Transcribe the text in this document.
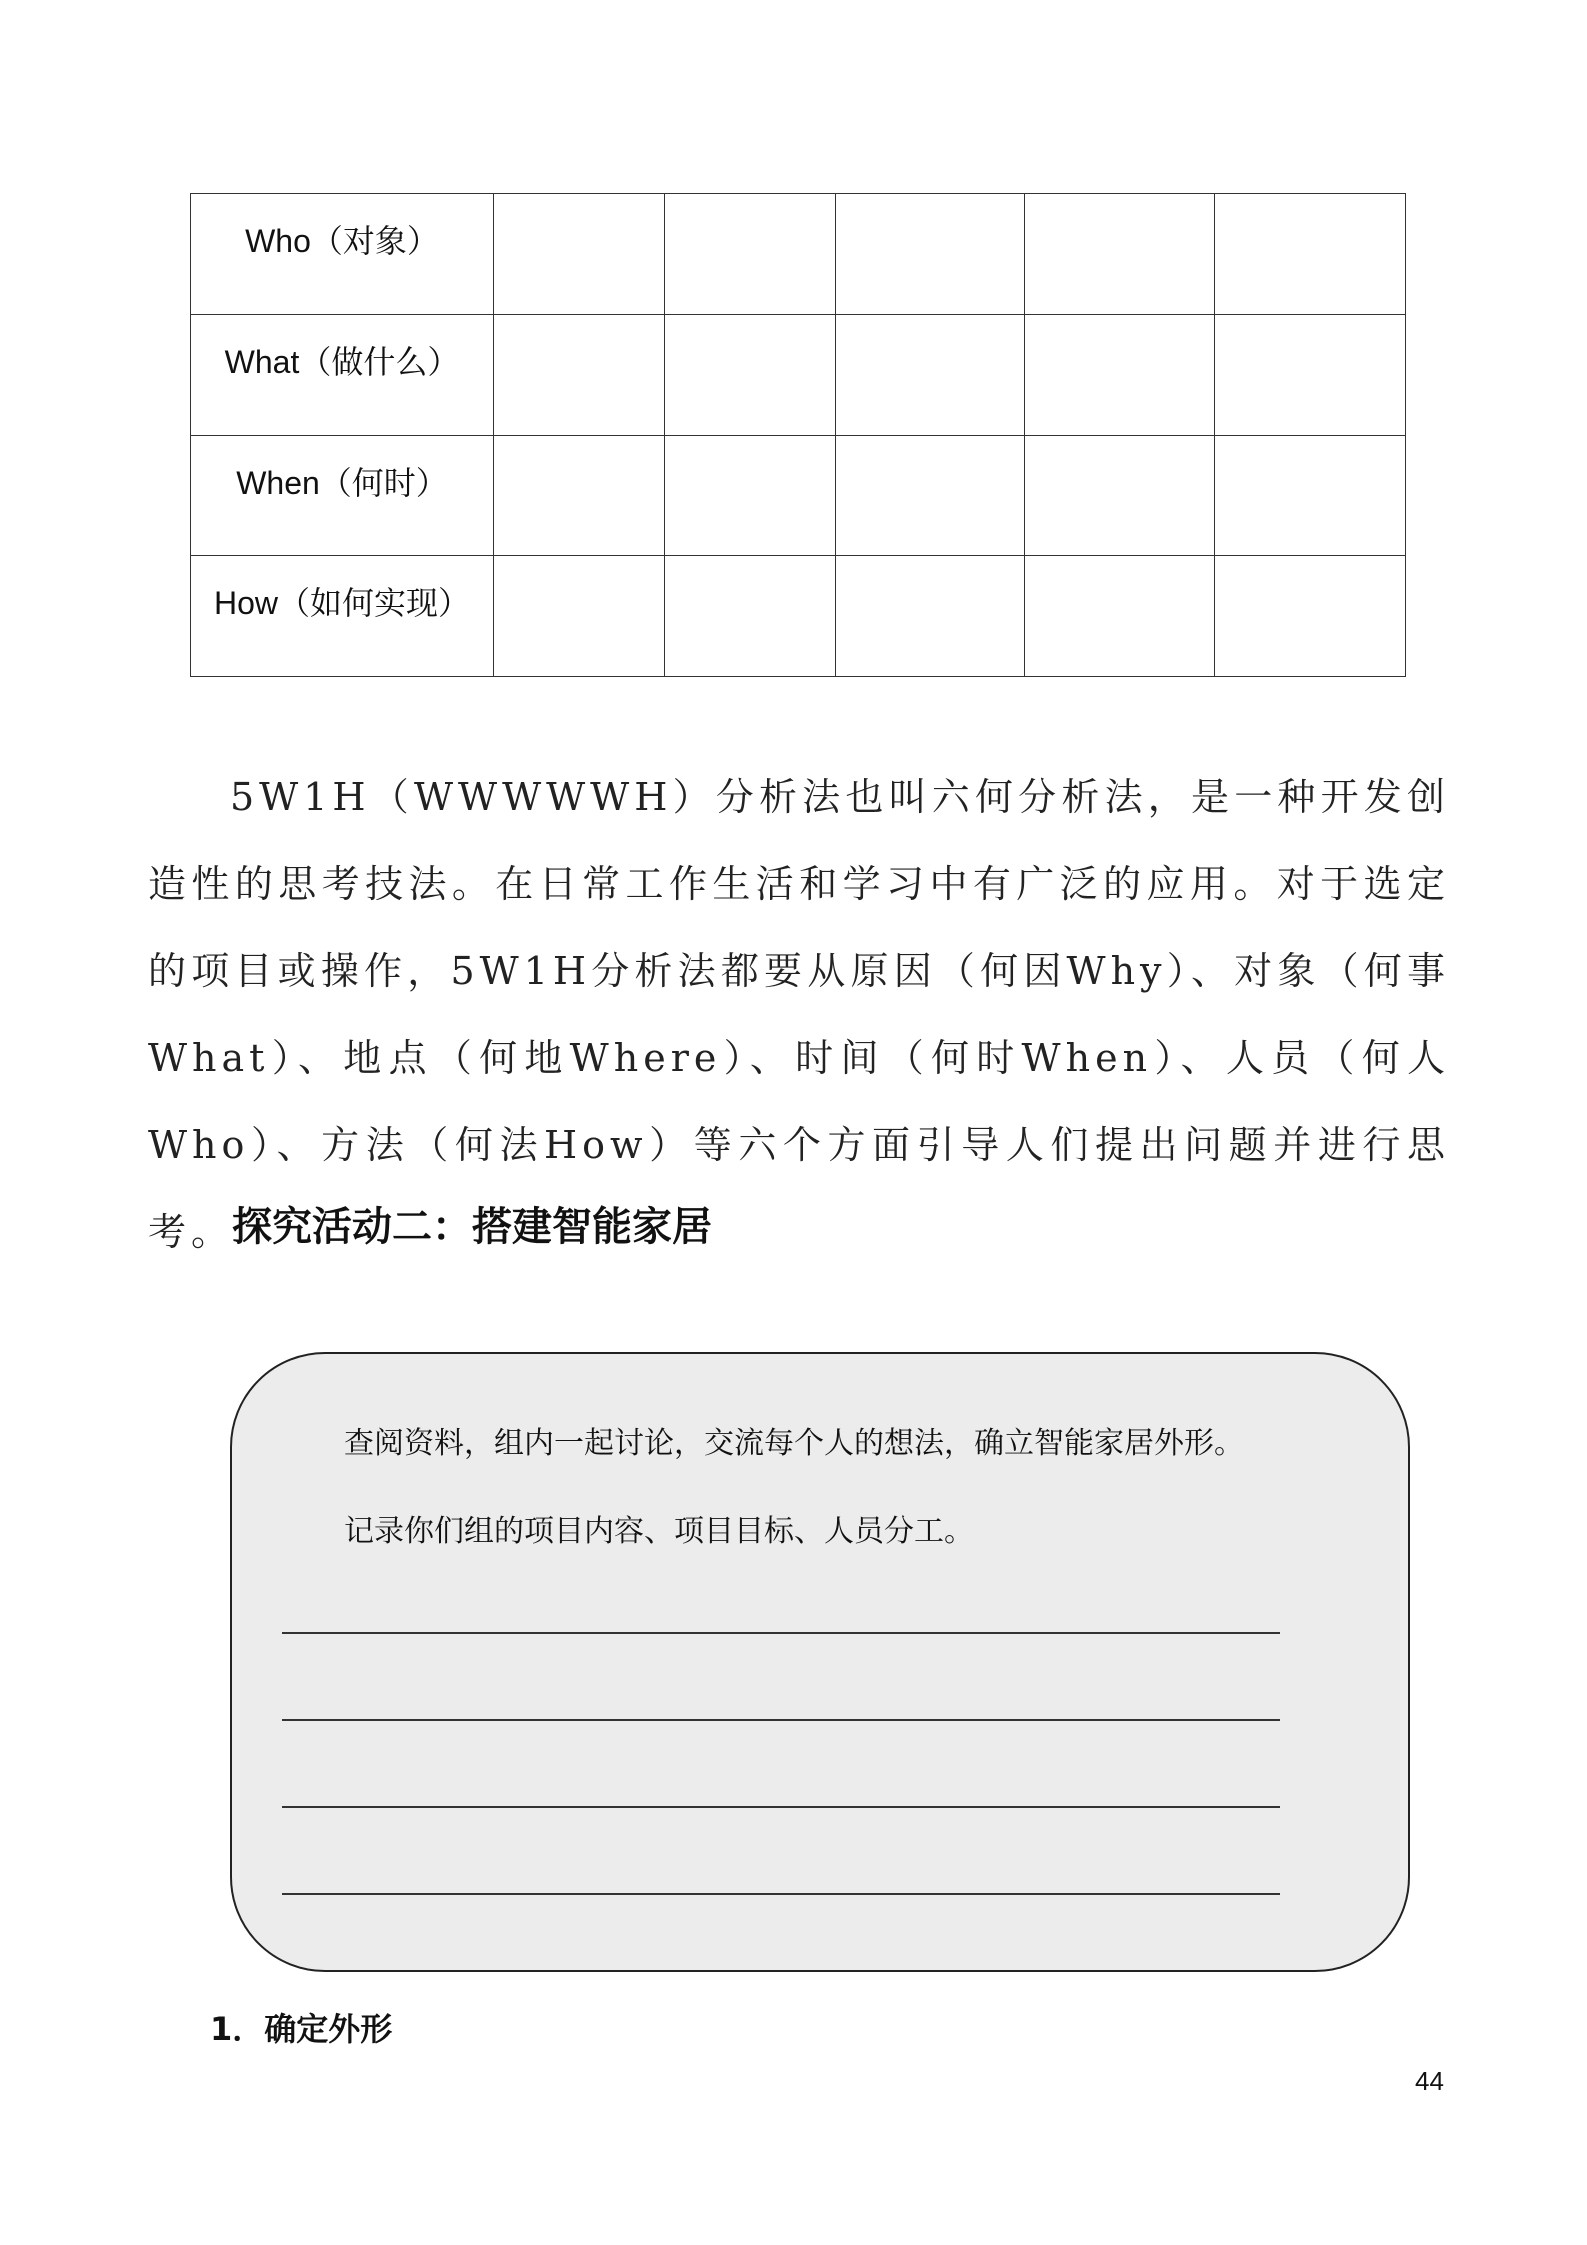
Who（对象）					
What（做什么）					
When（何时）					
How（如何实现）					

5W1H（WWWWWH）分析法也叫六何分析法，是一种开发创造性的思考技法。在日常工作生活和学习中有广泛的应用。对于选定的项目或操作，5W1H分析法都要从原因（何因Why）、对象（何事What）、地点（何地Where）、时间（何时When）、人员（何人Who）、方法（何法How）等六个方面引导人们提出问题并进行思考。

探究活动二：搭建智能家居

查阅资料，组内一起讨论，交流每个人的想法，确立智能家居外形。

记录你们组的项目内容、项目目标、人员分工。

1．确定外形
44
